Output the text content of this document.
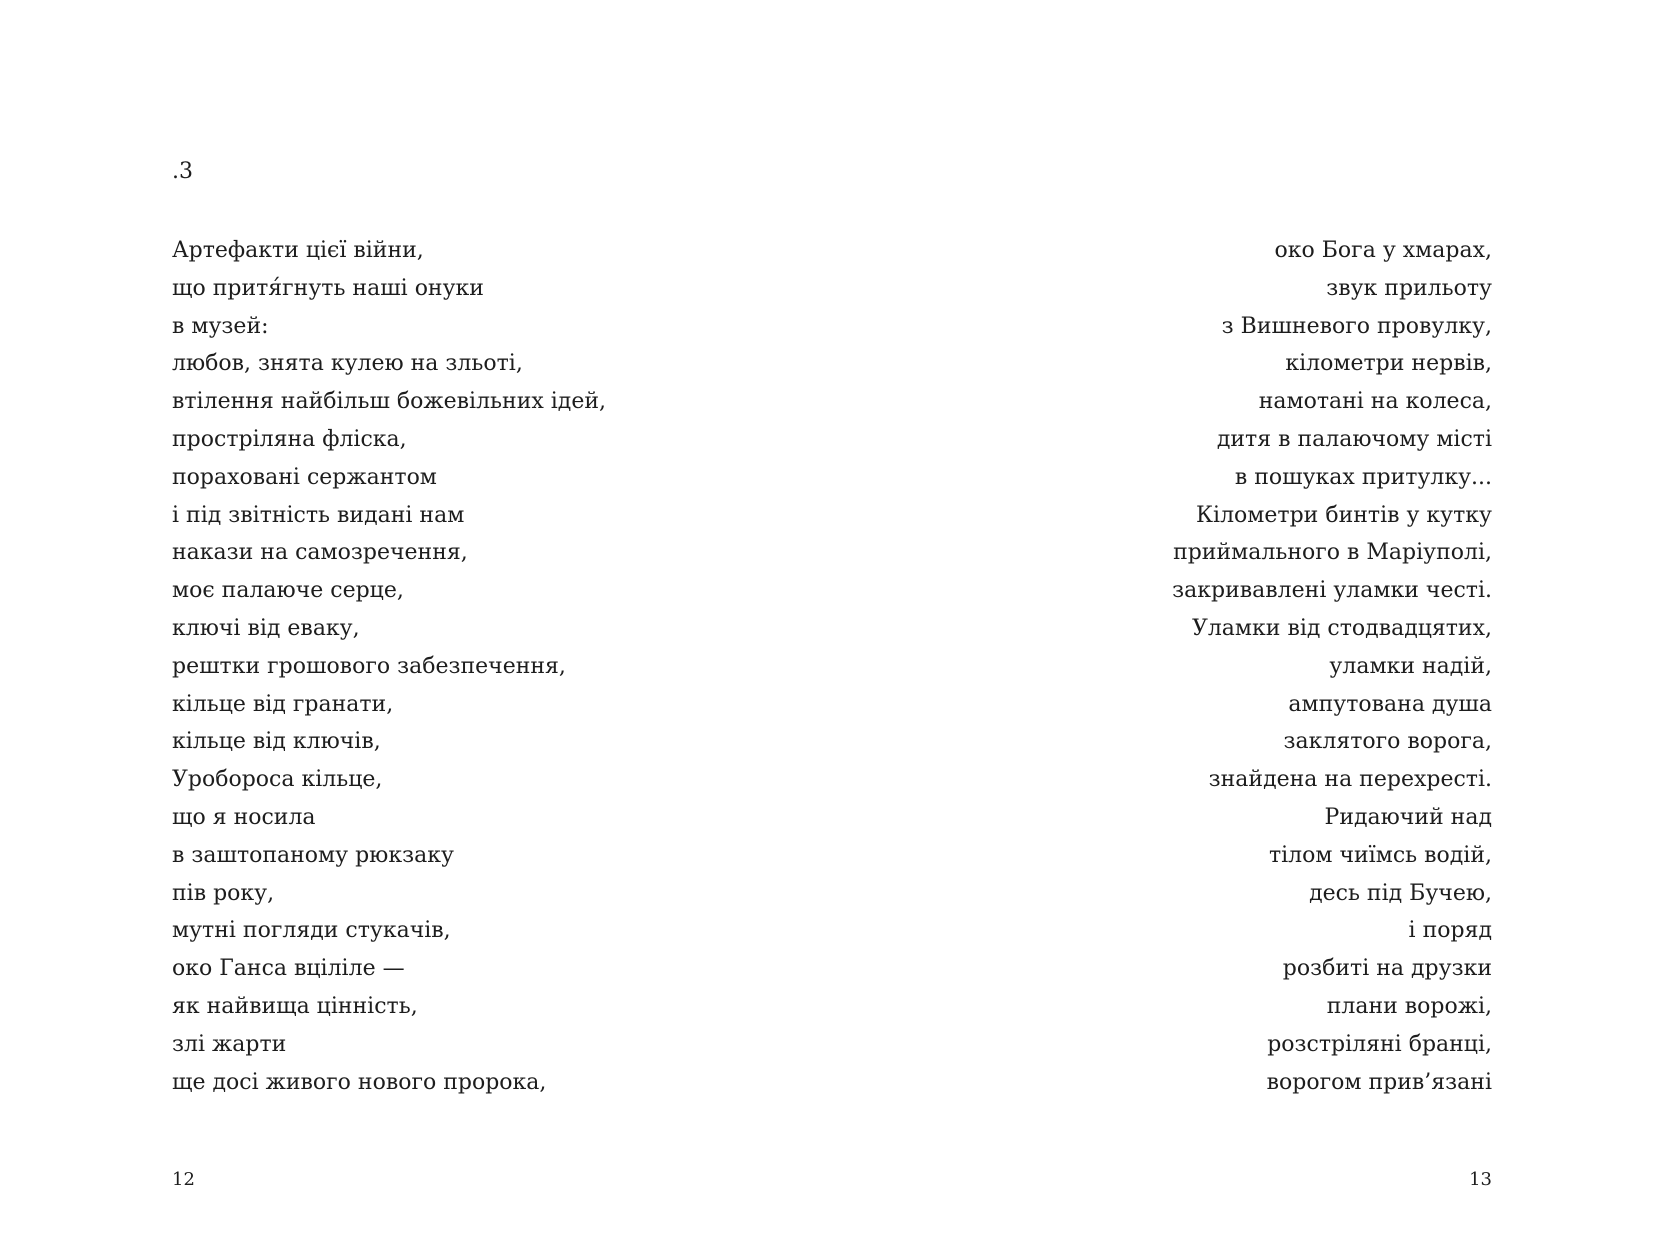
.3
Артефакти цієї війни,
що притя́гнуть наші онуки
в музей:
любов, знята кулею на зльоті,
втілення найбільш божевільних ідей,
простріляна фліска,
пораховані сержантом
і під звітність видані нам
накази на самозречення,
моє палаюче серце,
ключі від еваку,
рештки грошового забезпечення,
кільце від гранати,
кільце від ключів,
Уробороса кільце,
що я носила
в заштопаному рюкзаку
пів року,
мутні погляди стукачів,
око Ганса вціліле —
як найвища цінність,
злі жарти
ще досі живого нового пророка,
око Бога у хмарах,
звук прильоту
з Вишневого провулку,
кілометри нервів,
намотані на колеса,
дитя в палаючому місті
в пошуках притулку...
Кілометри бинтів у кутку
приймального в Маріуполі,
закривавлені уламки честі.
Уламки від стодвадцятих,
уламки надій,
ампутована душа
заклятого ворога,
знайдена на перехресті.
Ридаючий над
тілом чиїмсь водій,
десь під Бучею,
і поряд
розбиті на друзки
плани ворожі,
розстріляні бранці,
ворогом прив’язані
12	13
